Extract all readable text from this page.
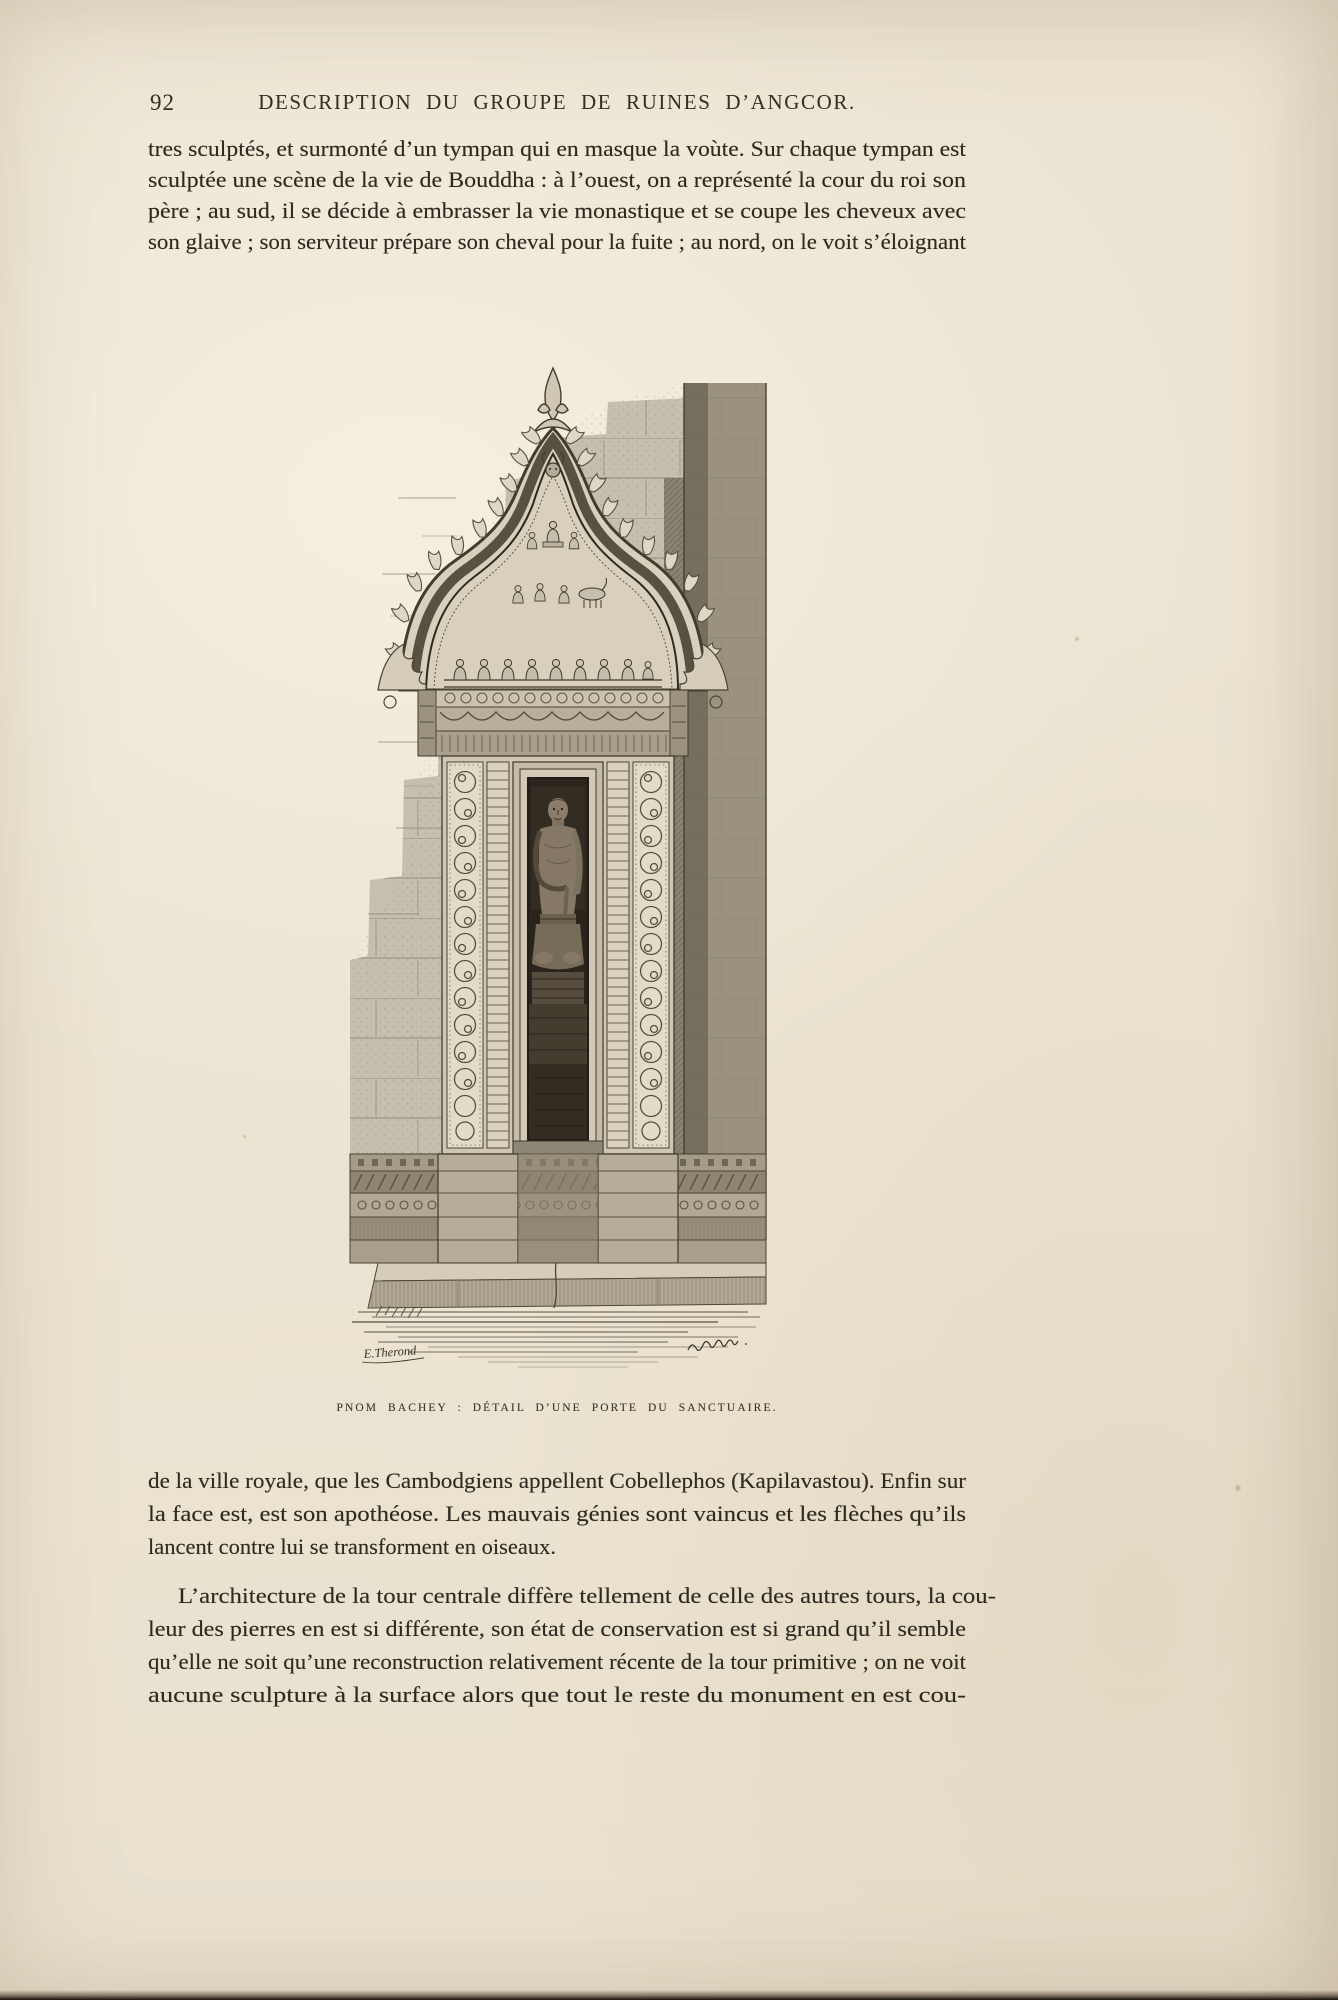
92	DESCRIPTION DU GROUPE DE RUINES D’ANGCOR.
tres sculptés, et surmonté d’un tympan qui en masque la voùte. Sur chaque tympan est
sculptée une scène de la vie de Bouddha : à l’ouest, on a représenté la cour du roi son
père ; au sud, il se décide à embrasser la vie monastique et se coupe les cheveux avec
son glaive ; son serviteur prépare son cheval pour la fuite ; au nord, on le voit s’éloignant
E.Therond
PNOM BACHEY : DÉTAIL D’UNE PORTE DU SANCTUAIRE.
de la ville royale, que les Cambodgiens appellent Cobellephos (Kapilavastou). Enfin sur
la face est, est son apothéose. Les mauvais génies sont vaincus et les flèches qu’ils
lancent contre lui se transforment en oiseaux.
L’architecture de la tour centrale diffère tellement de celle des autres tours, la cou-
leur des pierres en est si différente, son état de conservation est si grand qu’il semble
qu’elle ne soit qu’une reconstruction relativement récente de la tour primitive ; on ne voit
aucune sculpture à la surface alors que tout le reste du monument en est cou-
